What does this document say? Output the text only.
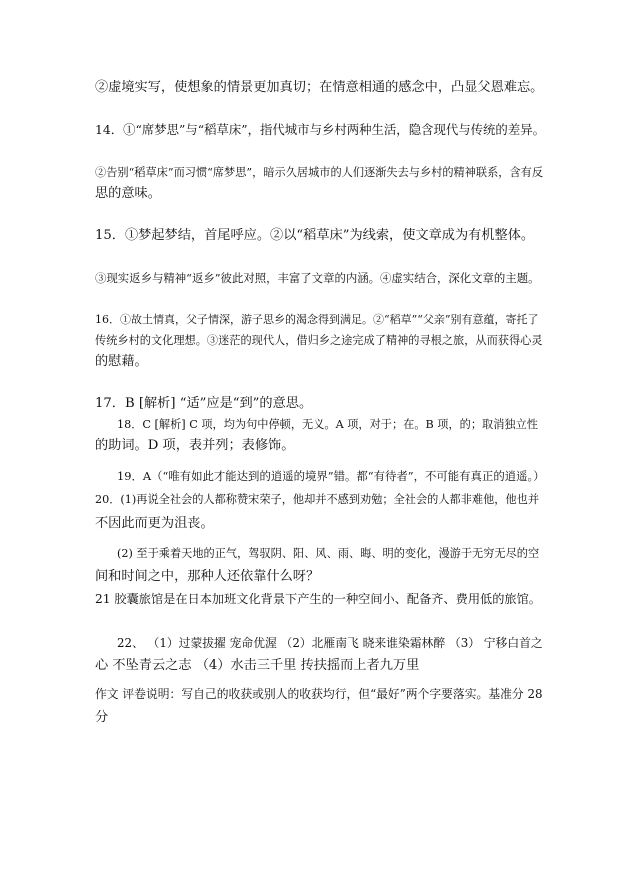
②虚境实写，使想象的情景更加真切；在情意相通的感念中，凸显父恩难忘。
14．①“席梦思”与“稻草床”，指代城市与乡村两种生活，隐含现代与传统的差异。
②告别“稻草床”而习惯“席梦思”，暗示久居城市的人们逐渐失去与乡村的精神联系，含有反
思的意味。
15．①梦起梦结，首尾呼应。②以“稻草床”为线索，使文章成为有机整体。
③现实返乡与精神“返乡”彼此对照，丰富了文章的内涵。④虚实结合，深化文章的主题。
16．①故土情真，父子情深，游子思乡的渴念得到满足。②“稻草”“父亲”别有意蕴，寄托了
传统乡村的文化理想。③迷茫的现代人，借归乡之途完成了精神的寻根之旅，从而获得心灵
的慰藉。
17．B [解析] “适”应是“到”的意思。
18．C [解析] C 项，均为句中停顿，无义。A 项，对于；在。B 项，的；取消独立性
的助词。D 项，表并列；表修饰。
19．A（“唯有如此才能达到的逍遥的境界”错。都“有待者”，不可能有真正的逍遥。）
20．(1)再说全社会的人都称赞宋荣子，他却并不感到劝勉；全社会的人都非难他，他也并
不因此而更为沮丧。
(2) 至于乘着天地的正气，驾驭阴、阳、风、雨、晦、明的变化，漫游于无穷无尽的空
间和时间之中，那种人还依靠什么呀？
21 胶囊旅馆是在日本加班文化背景下产生的一种空间小、配备齐、费用低的旅馆。
22、 （1）过蒙拔擢 宠命优渥 （2）北雁南飞 晓来谁染霜林醉 （3） 宁移白首之
心 不坠青云之志 （4）水击三千里 抟扶摇而上者九万里
作文 评卷说明：写自己的收获或别人的收获均行，但“最好”两个字要落实。基准分 28
分
